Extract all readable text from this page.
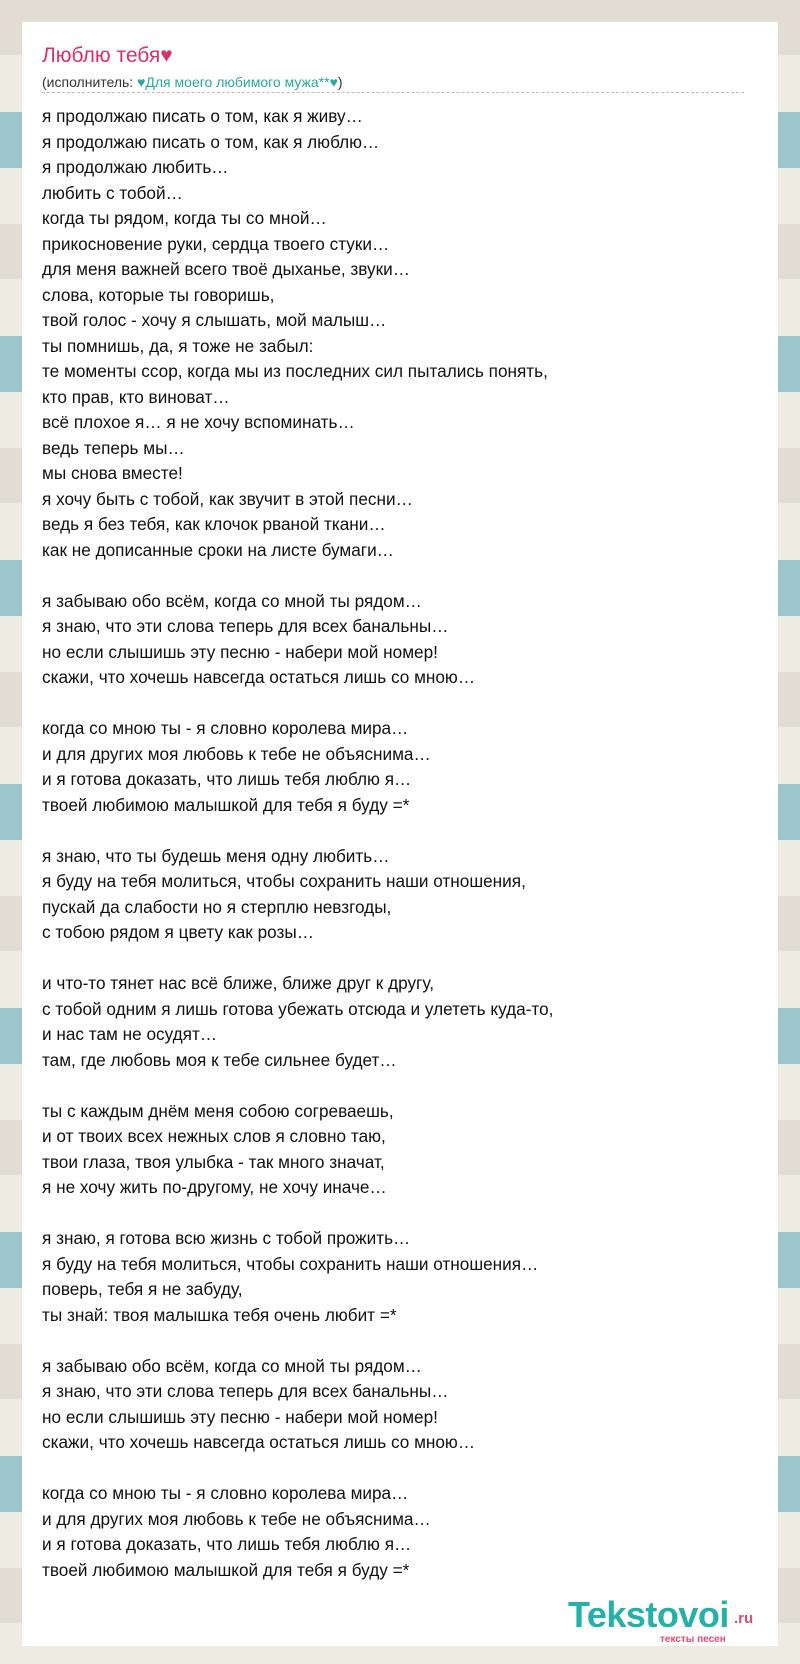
Люблю тебя♥
(исполнитель: ♥Для моего любимого мужа**♥)
я продолжаю писать о том, как я живу…
я продолжаю писать о том, как я люблю…
я продолжаю любить…
любить с тобой…
когда ты рядом, когда ты со мной…
прикосновение руки, сердца твоего стуки…
для меня важней всего твоё дыханье, звуки…
слова, которые ты говоришь,
твой голос - хочу я слышать, мой малыш…
ты помнишь, да, я тоже не забыл:
те моменты ссор, когда мы из последних сил пытались понять,
кто прав, кто виноват…
всё плохое я… я не хочу вспоминать…
ведь теперь мы…
мы снова вместе!
я хочу быть с тобой, как звучит в этой песни…
ведь я без тебя, как клочок рваной ткани…
как не дописанные сроки на листе бумаги…
я забываю обо всём, когда со мной ты рядом…
я знаю, что эти слова теперь для всех банальны…
но если слышишь эту песню - набери мой номер!
скажи, что хочешь навсегда остаться лишь со мною…
когда со мною ты - я словно королева мира…
и для других моя любовь к тебе не объяснима…
и я готова доказать, что лишь тебя люблю я…
твоей любимою малышкой для тебя я буду =*
я знаю, что ты будешь меня одну любить…
я буду на тебя молиться, чтобы сохранить наши отношения,
пускай да слабости но я стерплю невзгоды,
с тобою рядом я цвету как розы…
и что-то тянет нас всё ближе, ближе друг к другу,
с тобой одним я лишь готова убежать отсюда и улететь куда-то,
и нас там не осудят…
там, где любовь моя к тебе сильнее будет…
ты с каждым днём меня собою согреваешь,
и от твоих всех нежных слов я словно таю,
твои глаза, твоя улыбка - так много значат,
я не хочу жить по-другому, не хочу иначе…
я знаю, я готова всю жизнь с тобой прожить…
я буду на тебя молиться, чтобы сохранить наши отношения…
поверь, тебя я не забуду,
ты знай: твоя малышка тебя очень любит =*
я забываю обо всём, когда со мной ты рядом…
я знаю, что эти слова теперь для всех банальны…
но если слышишь эту песню - набери мой номер!
скажи, что хочешь навсегда остаться лишь со мною…
когда со мною ты - я словно королева мира…
и для других моя любовь к тебе не объяснима…
и я готова доказать, что лишь тебя люблю я…
твоей любимою малышкой для тебя я буду =*
Tekstovoi .ru
тексты песен
